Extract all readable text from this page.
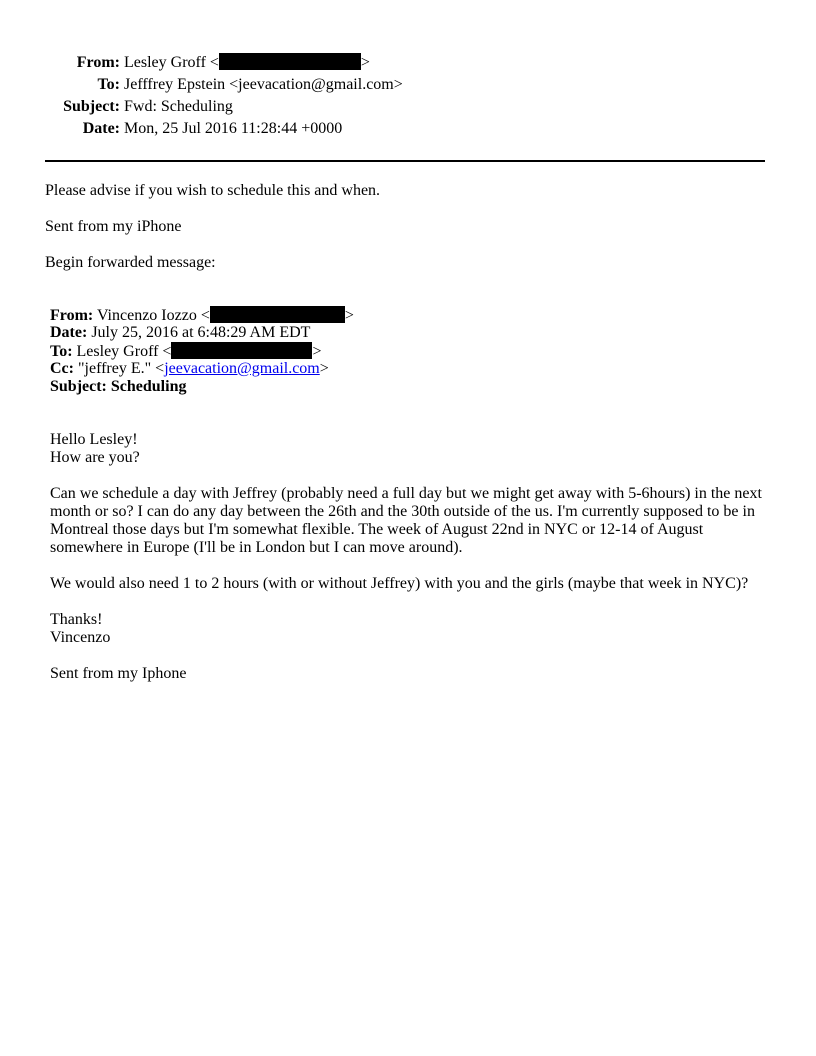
From: Lesley Groff <	>
To: Jefffrey Epstein <jeevacation@gmail.com>
Subject: Fwd: Scheduling
Date: Mon, 25 Jul 2016 11:28:44 +0000

Please advise if you wish to schedule this and when.

Sent from my iPhone

Begin forwarded message:

From: Vincenzo Iozzo <	>
Date: July 25, 2016 at 6:48:29 AM EDT
To: Lesley Groff <	>
Cc: "jeffrey E." <jeevacation@gmail.com>
Subject: Scheduling

Hello Lesley!
How are you?

Can we schedule a day with Jeffrey (probably need a full day but we might get away with 5-6hours) in the next
month or so? I can do any day between the 26th and the 30th outside of the us. I'm currently supposed to be in
Montreal those days but I'm somewhat flexible. The week of August 22nd in NYC or 12-14 of August
somewhere in Europe (I'll be in London but I can move around).

We would also need 1 to 2 hours (with or without Jeffrey) with you and the girls (maybe that week in NYC)?

Thanks!
Vincenzo

Sent from my Iphone
